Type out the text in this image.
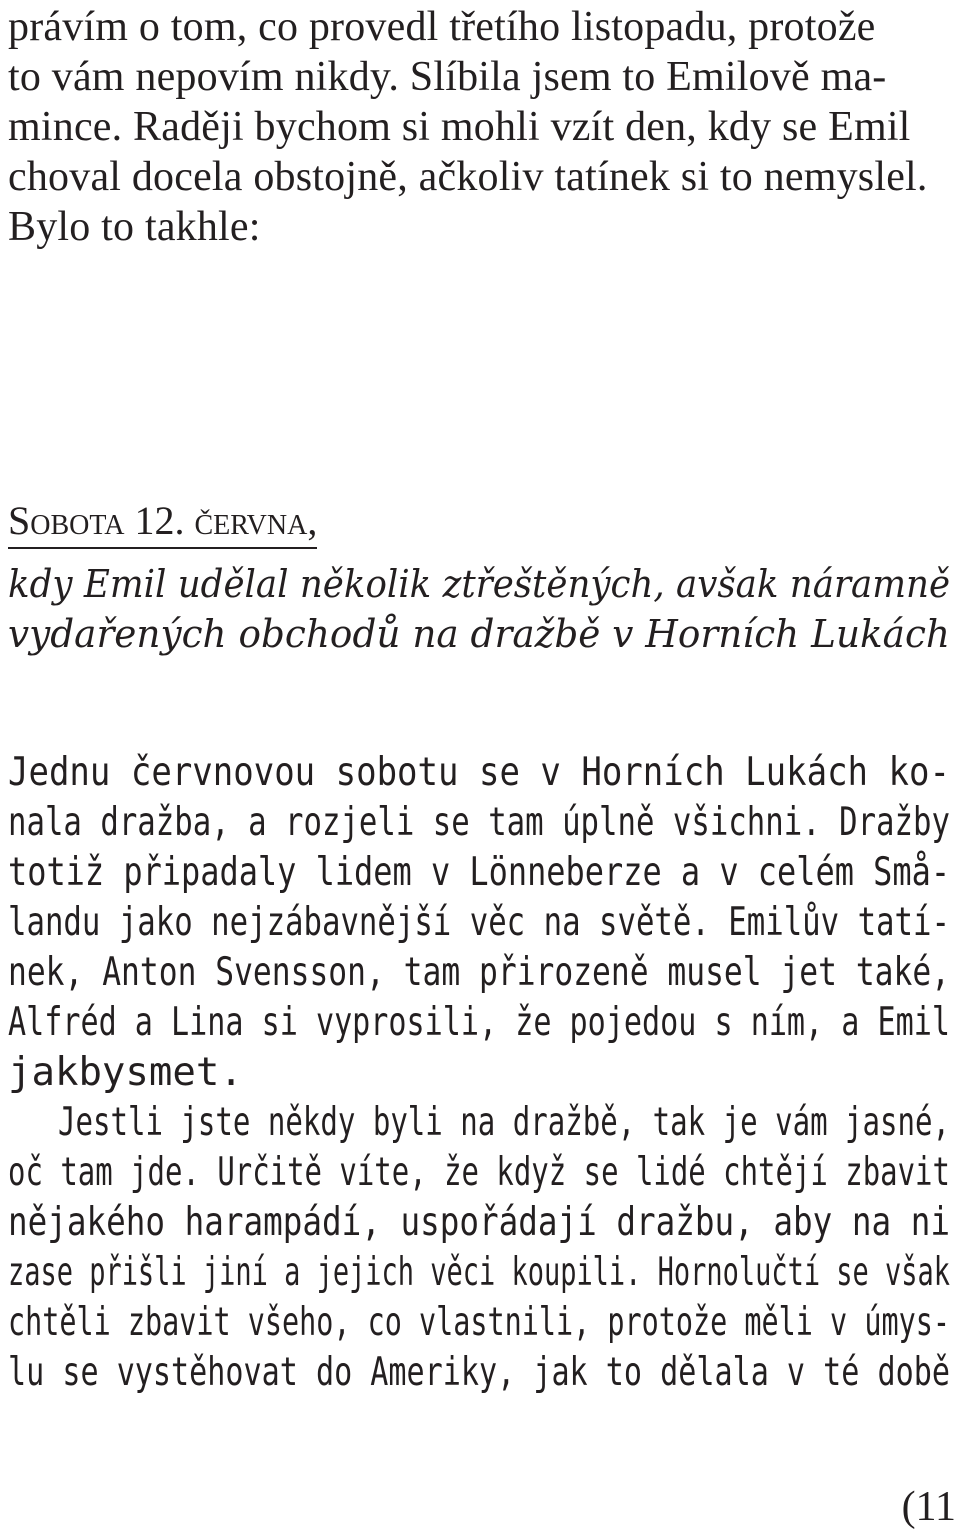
právím o tom, co provedl třetího listopadu, protože
to vám nepovím nikdy. Slíbila jsem to Emilově ma-
mince. Raději bychom si mohli vzít den, kdy se Emil
choval docela obstojně, ačkoliv tatínek si to nemyslel.
Bylo to takhle:
Sobota 12. června,
kdy Emil udělal několik ztřeštěných, avšak náramně
vydařených obchodů na dražbě v Horních Lukách
Jednu červnovou sobotu se v Horních Lukách ko-
nala dražba, a rozjeli se tam úplně všichni. Dražby
totiž připadaly lidem v Lönneberze a v celém Små-
landu jako nejzábavnější věc na světě. Emilův tatí-
nek, Anton Svensson, tam přirozeně musel jet také,
Alfréd a Lina si vyprosili, že pojedou s ním, a Emil
jakbysmet.
Jestli jste někdy byli na dražbě, tak je vám jasné,
oč tam jde. Určitě víte, že když se lidé chtějí zbavit
nějakého harampádí, uspořádají dražbu, aby na ni
zase přišli jiní a jejich věci koupili. Hornolučtí se však
chtěli zbavit všeho, co vlastnili, protože měli v úmys-
lu se vystěhovat do Ameriky, jak to dělala v té době
(11
